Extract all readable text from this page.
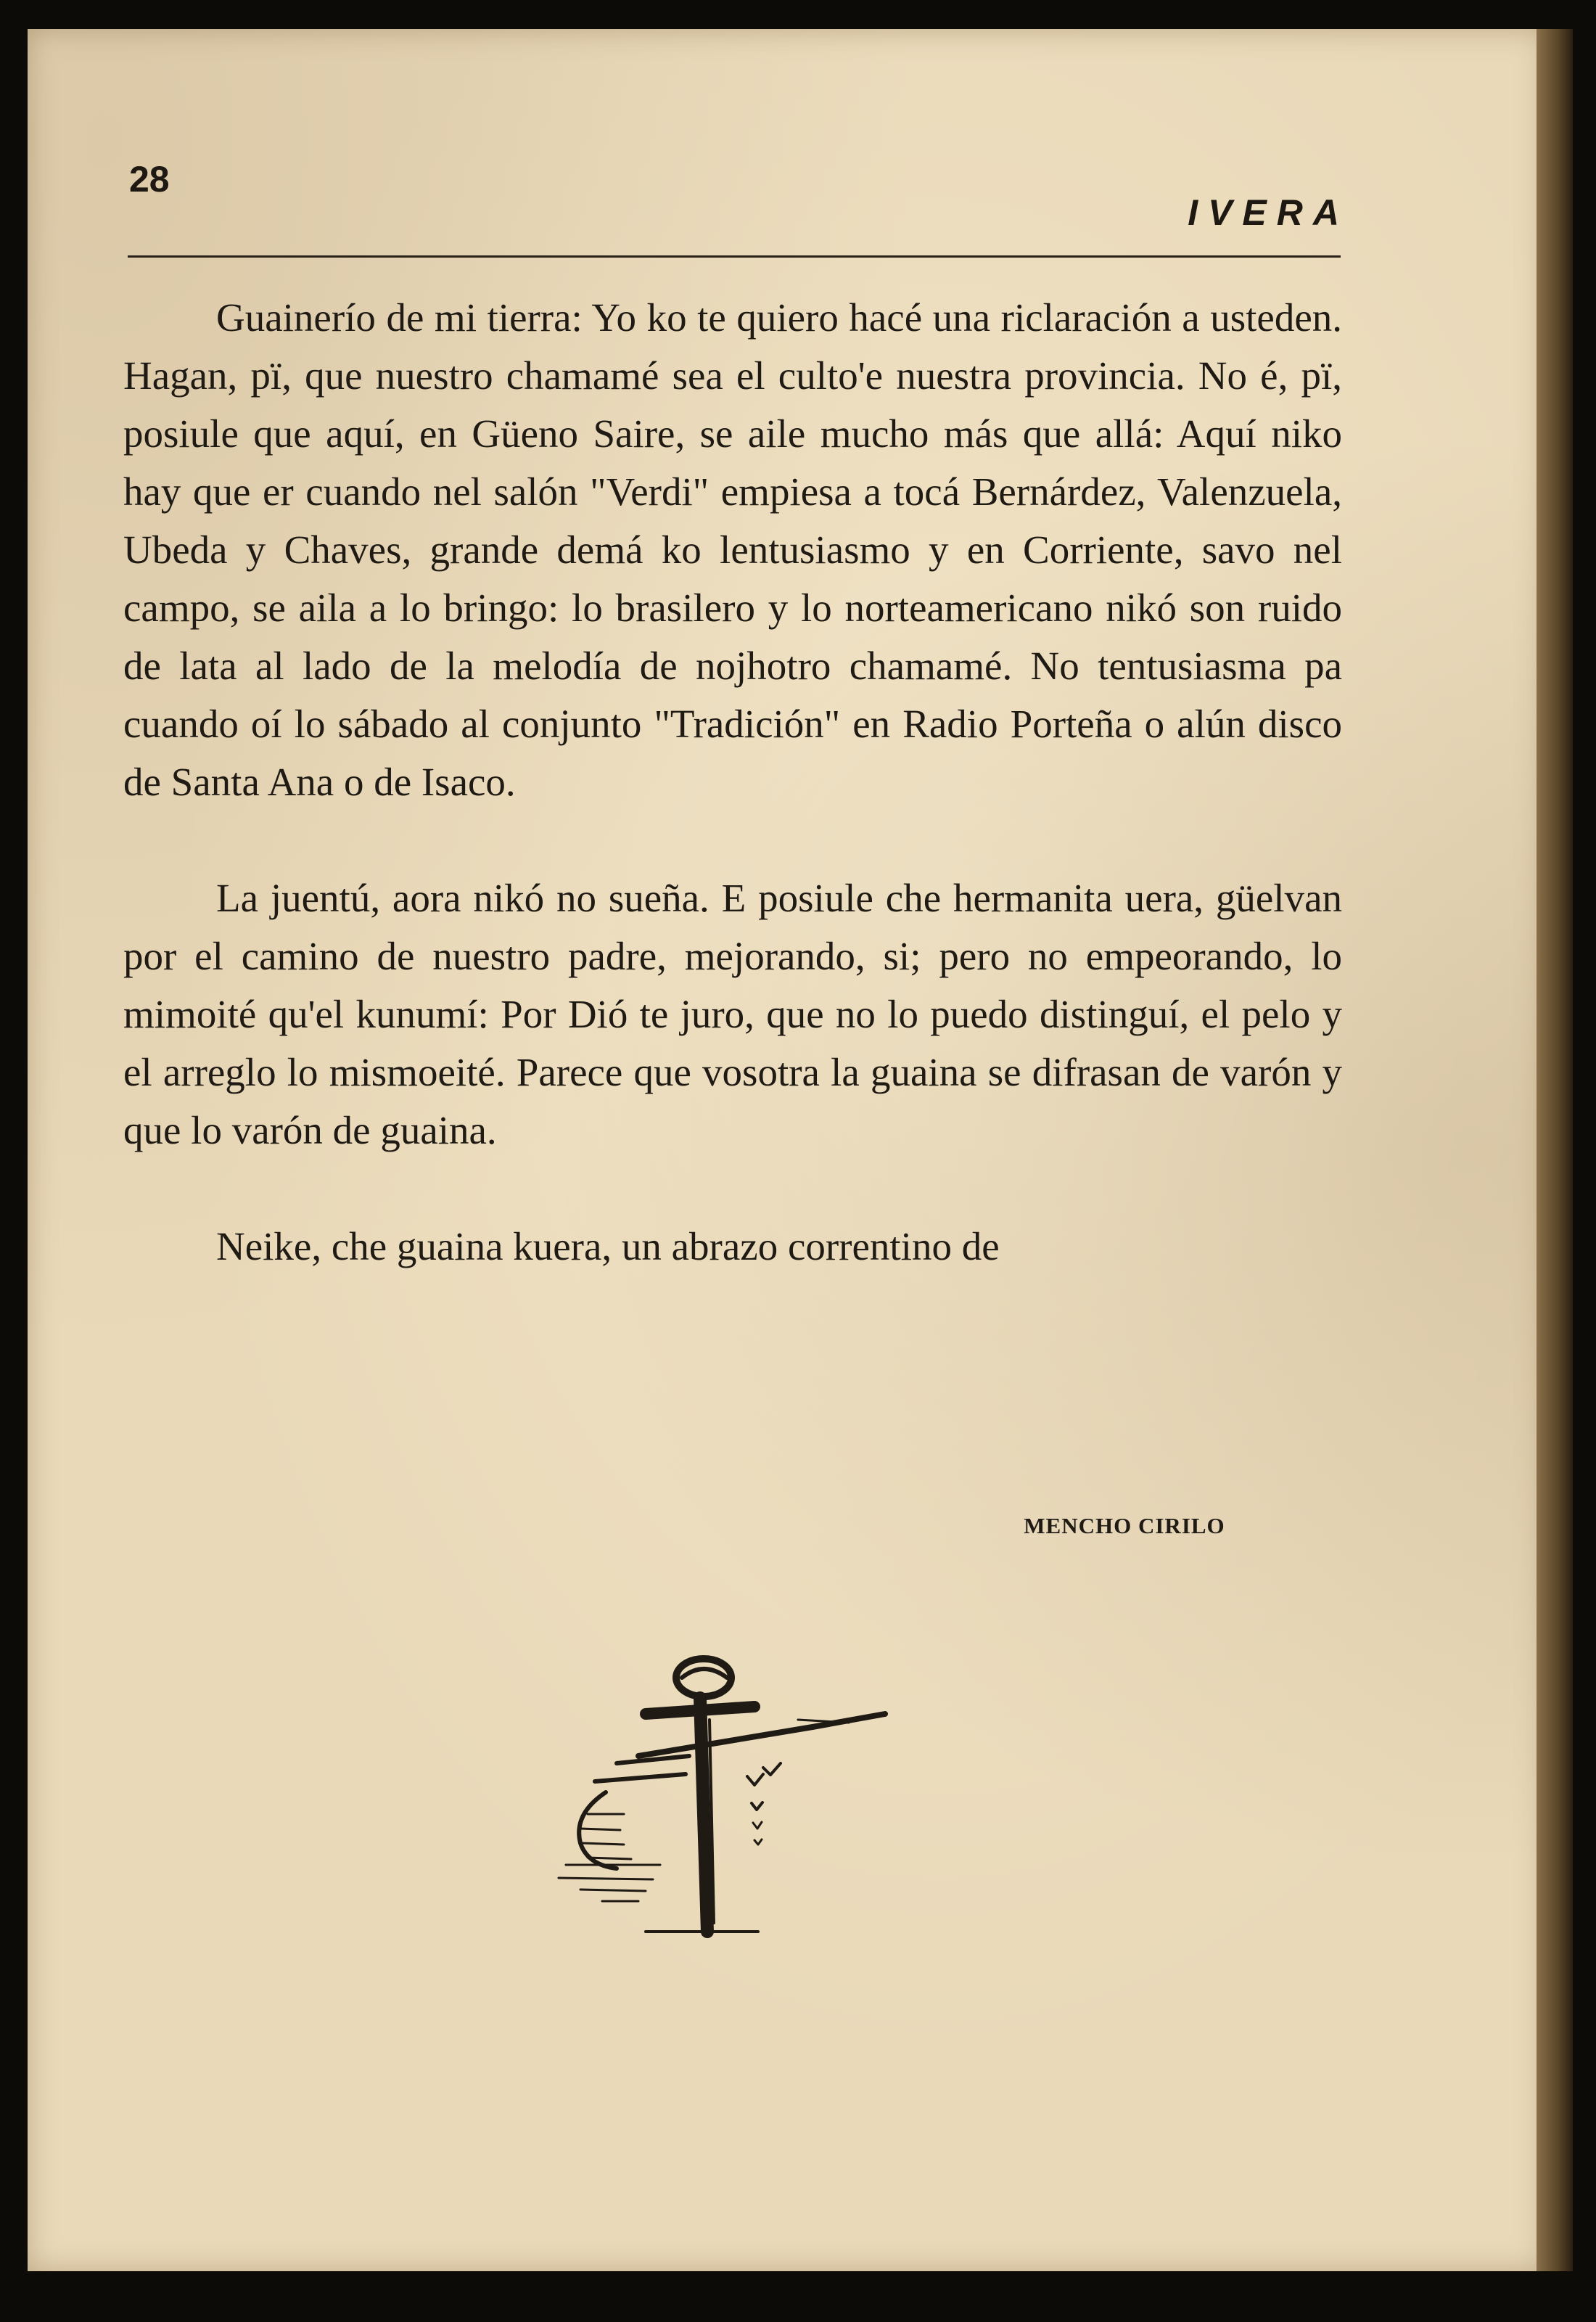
28
IVERA

Guainerío de mi tierra: Yo ko te quiero hacé una riclaración a usteden. Hagan, pï, que nuestro chamamé sea el culto'e nuestra provincia. No é, pï, posiule que aquí, en Güeno Saire, se aile mucho más que allá: Aquí niko hay que er cuando nel salón "Verdi" empiesa a tocá Bernárdez, Valenzuela, Ubeda y Chaves, grande demá ko lentusiasmo y en Corriente, savo nel campo, se aila a lo bringo: lo brasilero y lo norteamericano nikó son ruido de lata al lado de la melodía de nojhotro chamamé. No tentusiasma pa cuando oí lo sábado al conjunto "Tradición" en Radio Porteña o alún disco de Santa Ana o de Isaco.

La juentú, aora nikó no sueña. E posiule che hermanita uera, güelvan por el camino de nuestro padre, mejorando, si; pero no empeorando, lo mimoité qu'el kunumí: Por Dió te juro, que no lo puedo distinguí, el pelo y el arreglo lo mismoeité. Parece que vosotra la guaina se difrasan de varón y que lo varón de guaina.

Neike, che guaina kuera, un abrazo correntino de

MENCHO CIRILO
